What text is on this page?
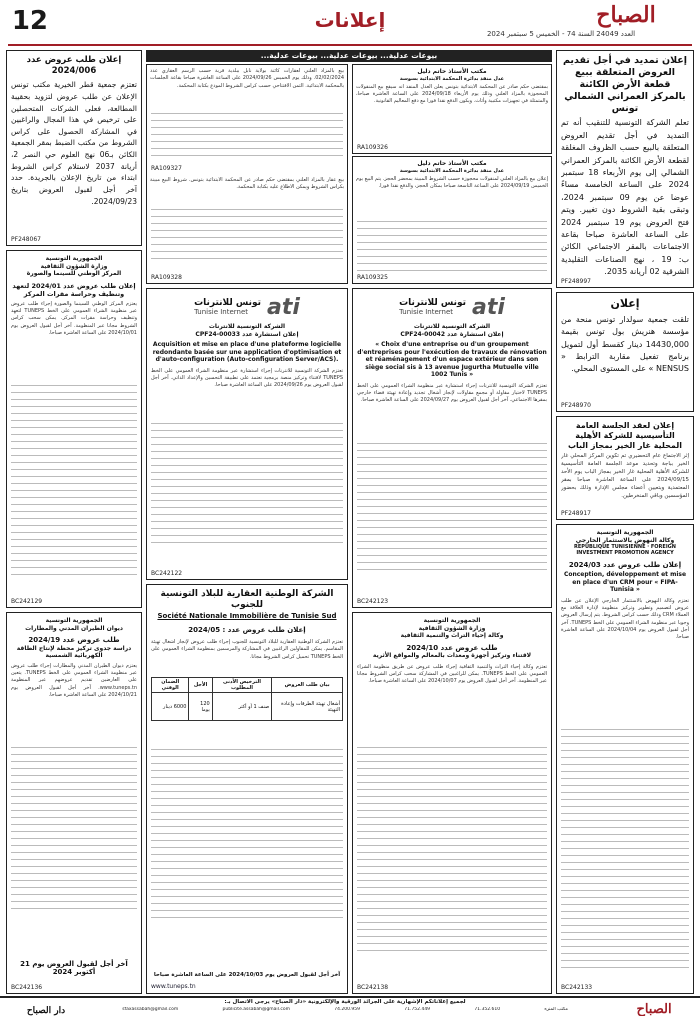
12	إعلانات	الصباح
العدد 24049 السنة 74 - الخميس 5 سبتمبر 2024
إعلان تمديد في أجل تقديم العروض المتعلقة ببيع قطعة الأرض الكائنة بالمركز العمراني الشمالي تونس
تعلم الشركة التونسية للتنقيب أنه تم التمديد في أجل تقديم العروض المتعلقة بالبيع حسب الظروف المغلقة لقطعة الأرض الكائنة بالمركز العمراني الشمالي إلى يوم الأربعاء 18 سبتمبر 2024 على الساعة الخامسة مساءً عوضا عن يوم 09 سبتمبر 2024، وتبقى بقية الشروط دون تغيير. ويتم فتح العروض يوم 19 سبتمبر 2024 على الساعة العاشرة صباحا بقاعة الاجتماعات بالمقر الاجتماعي الكائن ب: 19 ، نهج الصناعات التقليدية الشرقية 02 أريانة 2035.
PF248997
إعلان
تلقت جمعية سولدار تونس منحة من مؤسسة هنريش بول تونس بقيمة 14430,000 دينار كقسط أول لتمويل برنامج تفعيل مقاربة الترابط « NENSUS » على المستوى المحلي.
PF248970
إعلان لعقد الجلسة العامة التأسيسية للشركة الأهلية المحلية غار الخير بمجاز الباب
إثر الاجتماع عام التحضيري تم تكوين المركز المحلي غار الخير بباجة وتحديد موعد الجلسة العامة التأسيسية للشركة الأهلية المحلية غار الخير بمجاز الباب يوم الأحد 2024/09/15 على الساعة العاشرة صباحا بمقر المعتمدية وبتعيين أعضاء مجلس الإدارة وذلك بحضور المؤسسين وباقي المنخرطين.
PF248917
الجمهورية التونسية
وكالة النهوض بالاستثمار الخارجي
REPUBLIQUE TUNISIENNE · FOREIGN INVESTMENT PROMOTION AGENCY
إعلان طلب عروض عدد 2024/03
Conception, développement et mise en place d'un CRM pour « FIPA-Tunisia »
تعتزم وكالة النهوض بالاستثمار الخارجي الإعلان عن طلب عروض لتصميم وتطوير وتركيز منظومة لإدارة العلاقة مع العملاء CRM وذلك حسب كراس الشروط. يتم إرسال العروض وجوبا عبر منظومة الشراء العمومي على الخط TUNEPS. آخر أجل لقبول العروض يوم 2024/10/04 على الساعة العاشرة صباحا.
BC242133
بيوعات عدلية... بيوعات عدلية... بيوعات عدلية...
مكتب الأستاذ حاتم دليل
عدل منفذ بدائرة المحكمة الابتدائية بسوسة
بمقتضى حكم صادر عن المحكمة الابتدائية بتونس يعلن العدل المنفذ أنه سيقع بيع المنقولات المحجوزة بالمزاد العلني وذلك يوم الأربعاء 2024/09/18 على الساعة العاشرة صباحا، والمتمثلة في تجهيزات مكتبية وأثاث. ويكون الدفع نقدا فورا مع دفع المعاليم القانونية.
RA109326
مكتب الأستاذ حاتم دليل
عدل منفذ بدائرة المحكمة الابتدائية بسوسة
إعلان بيع بالمزاد العلني لمنقولات محجوزة حسب الشروط المبينة بمحضر الحجز. يتم البيع يوم الخميس 2024/09/19 على الساعة التاسعة صباحا بمكان الحجز، والدفع نقدا فورا.
RA109325
ati
تونس للانترنات
Tunisie Internet
الشركة التونسية للانترنات
إعلان استشارة عدد CPF24-00042
« Choix d'une entreprise ou d'un groupement d'entreprises pour l'exécution de travaux de rénovation et réaménagement d'un espace extérieur dans son siège social sis à 13 avenue Jugurtha Mutuelle ville 1002 Tunis »
تعتزم الشركة التونسية للانترنات إجراء استشارة عبر منظومة الشراء العمومي على الخط TUNEPS لاختيار مقاولة أو مجمع مقاولات لإنجاز أشغال تجديد وإعادة تهيئة فضاء خارجي بمقرها الاجتماعي. آخر أجل لقبول العروض يوم 2024/09/27 على الساعة العاشرة صباحا.
BC242123
الجمهورية التونسية
وزارة الشؤون الثقافية
وكالة إحياء التراث والتنمية الثقافية
طلب عروض عدد 2024/10
لاقتناء وتركيز أجهزة ومعدات بالمعالم والمواقع الأثرية
تعتزم وكالة إحياء التراث والتنمية الثقافية إجراء طلب عروض عن طريق منظومة الشراء العمومي على الخط TUNEPS. يمكن للراغبين في المشاركة سحب كراس الشروط مجانا عبر المنظومة. آخر أجل لقبول العروض يوم 2024/10/07 على الساعة العاشرة صباحا.
BC242138
بيع بالمزاد العلني لعقارات كائنة بولاية نابل ببلدية قربة حسب الرسم العقاري عدد 02/02/2024. وذلك يوم الخميس 2024/09/26 على الساعة العاشرة صباحا بقاعة الجلسات بالمحكمة الابتدائية. الثمن الافتتاحي حسب كراس الشروط المودع بكتابة المحكمة.
RA109327
بيع عقار بالمزاد العلني بمقتضى حكم صادر عن المحكمة الابتدائية بتونس. شروط البيع مبينة بكراس الشروط ويمكن الاطلاع عليه بكتابة المحكمة.
RA109328
ati
تونس للانترنات
Tunisie Internet
الشركة التونسية للانترنات
إعلان استشارة عدد CPF24-00033
Acquisition et mise en place d'une plateforme logicielle redondante basée sur une application d'optimisation et d'auto-configuration (Auto-configuration Server/ACS).
تعتزم الشركة التونسية للانترنات إجراء استشارة عبر منظومة الشراء العمومي على الخط TUNEPS لاقتناء وتركيز منصة برمجية تعتمد على تطبيقة التحسين والإعداد الذاتي. آخر أجل لقبول العروض يوم 2024/09/26 على الساعة العاشرة صباحا.
BC242122
الشركة الوطنية العقارية للبلاد التونسية للجنوب
Société Nationale Immobilière de Tunisie Sud
إعلان طلب عروض عدد : 2024/05
تعتزم الشركة الوطنية العقارية للبلاد التونسية للجنوب إجراء طلب عروض لإنجاز أشغال تهيئة المقاسم. يمكن للمقاولين الراغبين في المشاركة والمرسمين بمنظومة الشراء العمومي على الخط TUNEPS تحميل كراس الشروط مجانا.
بيان طلب العروض	الترخيص الأدنى المطلوب	الأجل	الضمان الوقتي
أشغال تهيئة الطرقات وإعادة التهيئة	صنف 1 أو أكثر	120 يوما	6000 دينار
آخر أجل لقبول العروض يوم 2024/10/03 على الساعة العاشرة صباحا
www.tuneps.tn
إعلان طلب عروض عدد 2024/006
تعتزم جمعية قطر الخيرية مكتب تونس الإعلان عن طلب عروض لتزويد بحقيبة المطالعة، فعلى الشركات المتحصلين على ترخيص في هذا المجال والراغبين في المشاركة الحصول على كراس الشروط من مكتب الضبط بمقر الجمعية الكائن بـ06 نهج العلوم حي النصر 2، أريانة 2037 لاستلام كراس الشروط ابتداء من تاريخ الإعلان بالجريدة. حدد آخر أجل لقبول العروض بتاريخ 2024/09/23.
PF248067
الجمهورية التونسية
وزارة الشؤون الثقافية
المركز الوطني للسينما والصورة
إعلان طلب عروض عدد 2024/01 لتعهد وتنظيف وحراسة مقرات المركز
يعتزم المركز الوطني للسينما والصورة إجراء طلب عروض عبر منظومة الشراء العمومي على الخط TUNEPS لتعهد وتنظيف وحراسة مقرات المركز. يمكن سحب كراس الشروط مجانا عبر المنظومة. آخر أجل لقبول العروض يوم 2024/10/01 على الساعة العاشرة صباحا.
BC242129
الجمهورية التونسية
ديوان الطيران المدني والمطارات
طلب عروض عدد 2024/19
دراسة جدوى تركيز محطة لإنتاج الطاقة الكهربائية الشمسية
يعتزم ديوان الطيران المدني والمطارات إجراء طلب عروض عبر منظومة الشراء العمومي على الخط TUNEPS. يتعين على العارضين تقديم عروضهم عبر المنظومة www.tuneps.tn. آخر أجل لقبول العروض يوم 2024/10/21 على الساعة العاشرة صباحا.
آخر أجل لقبول العروض يوم 21 أكتوبر 2024
BC242136
الصباح
لجميع إعلاناتكم الإشهارية على الجرائد الورقية والإلكترونية «دار الصباح» يرجى الاتصال بـ:
مكتب المنزه
71.352.610
71.752.449
74.200.959
publicite.assabah@gmail.com
sfaxassabah@gmail.com
دار الصباح
